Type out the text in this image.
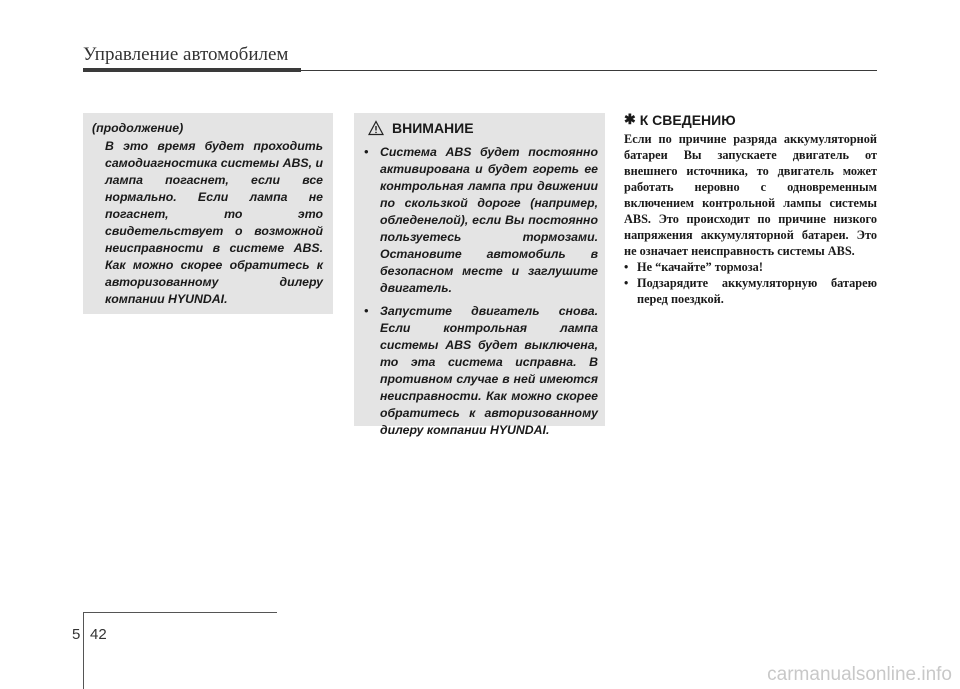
Управление автомобилем

(продолжение)

В это время будет проходить самодиагностика системы ABS, и лампа погаснет, если все нормально. Если лампа не погаснет, то это свидетельствует о возможной неисправности в системе ABS. Как можно скорее обратитесь к авторизованному дилеру компании HYUNDAI.

ВНИМАНИЕ
• Система ABS будет постоянно активирована и будет гореть ее контрольная лампа при движении по скользкой дороге (например, обледенелой), если Вы постоянно пользуетесь тормозами. Остановите автомобиль в безопасном месте и заглушите двигатель.
• Запустите двигатель снова. Если контрольная лампа системы ABS будет выключена, то эта система исправна. В противном случае в ней имеются неисправности. Как можно скорее обратитесь к авторизованному дилеру компании HYUNDAI.
✱ К СВЕДЕНИЮ

Если по причине разряда аккумуляторной батареи Вы запускаете двигатель от внешнего источника, то двигатель может работать неровно с одновременным включением контрольной лампы системы ABS. Это происходит по причине низкого напряжения аккумуляторной батареи. Это не означает неисправность системы ABS.

• Не “качайте” тормоза!
• Подзарядите аккумуляторную батарею перед поездкой.
5 42
carmanualsonline.info
